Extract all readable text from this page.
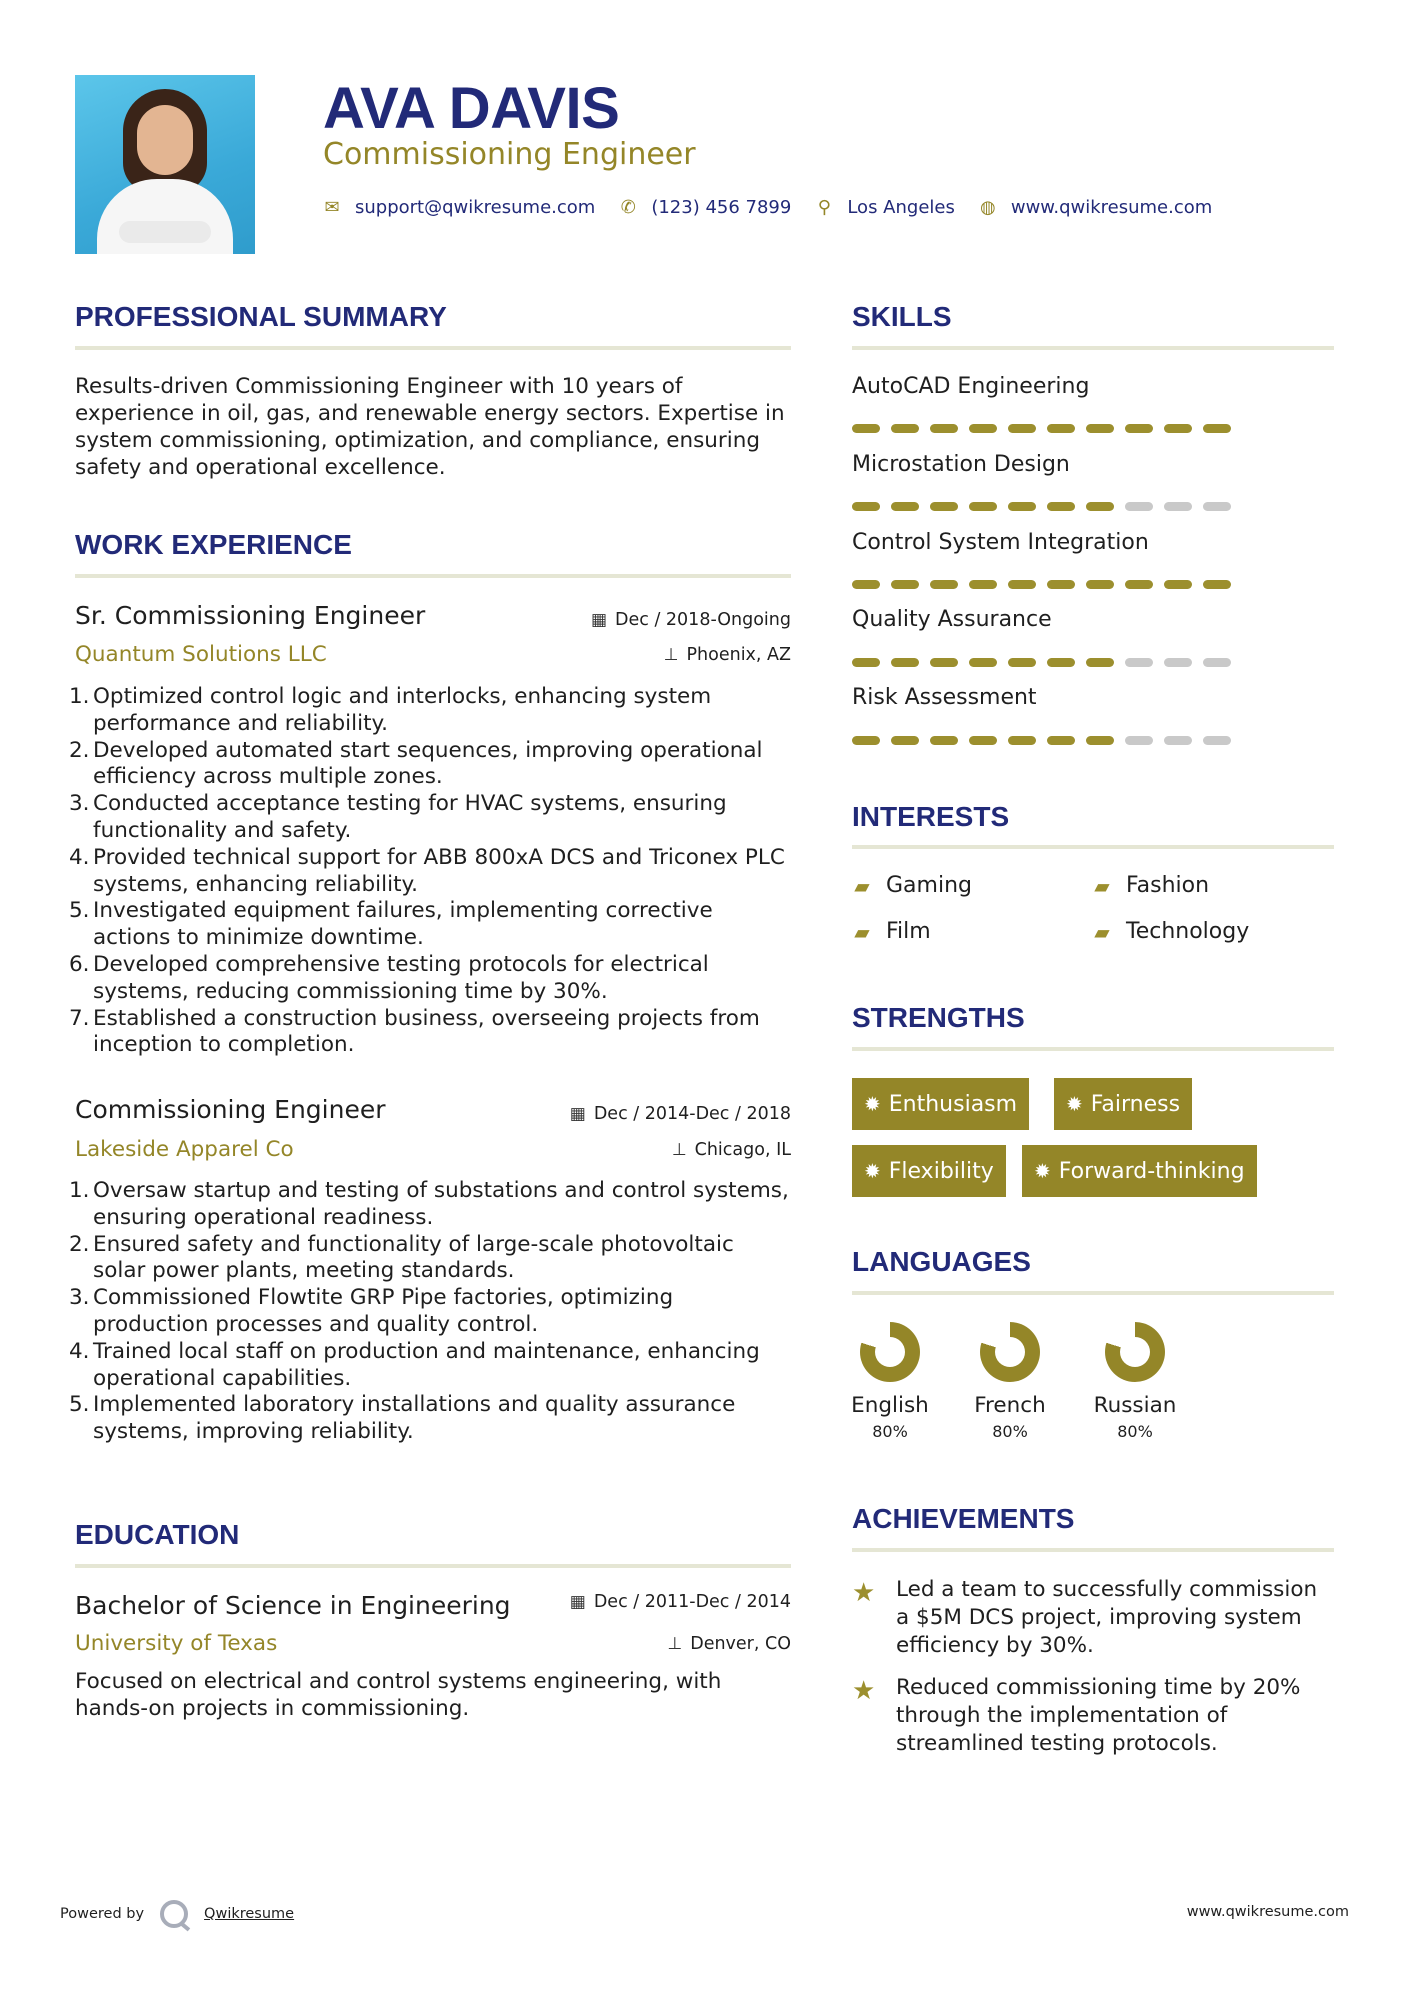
AVA DAVIS
Commissioning Engineer
✉ support@qwikresume.com ✆ (123) 456 7899 ⚲ Los Angeles ◍ www.qwikresume.com
PROFESSIONAL SUMMARY
Results-driven Commissioning Engineer with 10 years of experience in oil, gas, and renewable energy sectors. Expertise in system commissioning, optimization, and compliance, ensuring safety and operational excellence.
WORK EXPERIENCE
Sr. Commissioning Engineer	▦ Dec / 2018-Ongoing
Quantum Solutions LLC	⊥ Phoenix, AZ
1. Optimized control logic and interlocks, enhancing system performance and reliability.
2. Developed automated start sequences, improving operational efficiency across multiple zones.
3. Conducted acceptance testing for HVAC systems, ensuring functionality and safety.
4. Provided technical support for ABB 800xA DCS and Triconex PLC systems, enhancing reliability.
5. Investigated equipment failures, implementing corrective actions to minimize downtime.
6. Developed comprehensive testing protocols for electrical systems, reducing commissioning time by 30%.
7. Established a construction business, overseeing projects from inception to completion.
Commissioning Engineer	▦ Dec / 2014-Dec / 2018
Lakeside Apparel Co	⊥ Chicago, IL
1. Oversaw startup and testing of substations and control systems, ensuring operational readiness.
2. Ensured safety and functionality of large-scale photovoltaic solar power plants, meeting standards.
3. Commissioned Flowtite GRP Pipe factories, optimizing production processes and quality control.
4. Trained local staff on production and maintenance, enhancing operational capabilities.
5. Implemented laboratory installations and quality assurance systems, improving reliability.
EDUCATION
Bachelor of Science in Engineering	▦ Dec / 2011-Dec / 2014
University of Texas	⊥ Denver, CO
Focused on electrical and control systems engineering, with hands-on projects in commissioning.
SKILLS
AutoCAD Engineering
Microstation Design
Control System Integration
Quality Assurance
Risk Assessment
INTERESTS
▰ Gaming	▰ Fashion
▰ Film	▰ Technology
STRENGTHS
✹ Enthusiasm	✹ Fairness
✹ Flexibility	✹ Forward-thinking
LANGUAGES
English
80%
French
80%
Russian
80%
ACHIEVEMENTS
★ Led a team to successfully commission a $5M DCS project, improving system efficiency by 30%.
★ Reduced commissioning time by 20% through the implementation of streamlined testing protocols.
Powered by	Qwikresume	www.qwikresume.com
